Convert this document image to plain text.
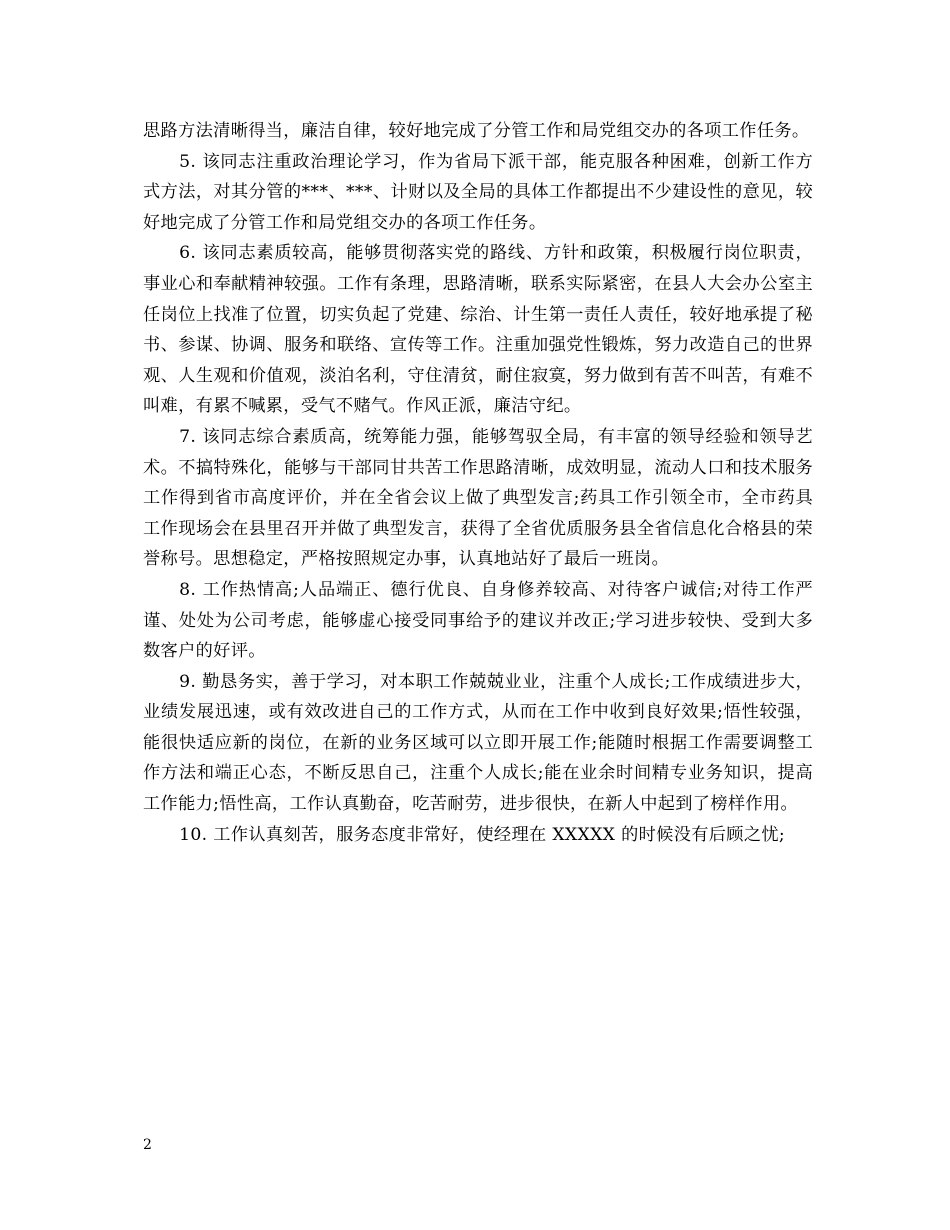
思路方法清晰得当，廉洁自律，较好地完成了分管工作和局党组交办的各项工作任务。

5. 该同志注重政治理论学习，作为省局下派干部，能克服各种困难，创新工作方式方法，对其分管的***、***、计财以及全局的具体工作都提出不少建设性的意见，较好地完成了分管工作和局党组交办的各项工作任务。

6. 该同志素质较高，能够贯彻落实党的路线、方针和政策，积极履行岗位职责，事业心和奉献精神较强。工作有条理，思路清晰，联系实际紧密，在县人大会办公室主任岗位上找准了位置，切实负起了党建、综治、计生第一责任人责任，较好地承提了秘书、参谋、协调、服务和联络、宣传等工作。注重加强党性锻炼，努力改造自己的世界观、人生观和价值观，淡泊名利，守住清贫，耐住寂寞，努力做到有苦不叫苦，有难不叫难，有累不喊累，受气不赌气。作风正派，廉洁守纪。

7. 该同志综合素质高，统筹能力强，能够驾驭全局，有丰富的领导经验和领导艺术。不搞特殊化，能够与干部同甘共苦工作思路清晰，成效明显，流动人口和技术服务工作得到省市高度评价，并在全省会议上做了典型发言;药具工作引领全市，全市药具工作现场会在县里召开并做了典型发言，获得了全省优质服务县全省信息化合格县的荣誉称号。思想稳定，严格按照规定办事，认真地站好了最后一班岗。

8. 工作热情高;人品端正、德行优良、自身修养较高、对待客户诚信;对待工作严谨、处处为公司考虑，能够虚心接受同事给予的建议并改正;学习进步较快、受到大多数客户的好评。

9. 勤恳务实，善于学习，对本职工作兢兢业业，注重个人成长;工作成绩进步大，业绩发展迅速，或有效改进自己的工作方式，从而在工作中收到良好效果;悟性较强，能很快适应新的岗位，在新的业务区域可以立即开展工作;能随时根据工作需要调整工作方法和端正心态，不断反思自己，注重个人成长;能在业余时间精专业务知识，提高工作能力;悟性高，工作认真勤奋，吃苦耐劳，进步很快，在新人中起到了榜样作用。

10. 工作认真刻苦，服务态度非常好，使经理在 XXXXX 的时候没有后顾之忧;

2
